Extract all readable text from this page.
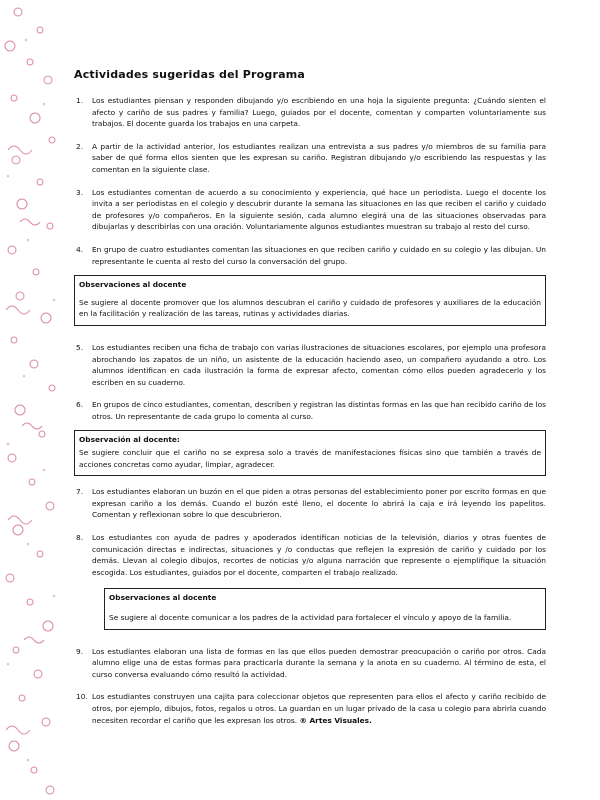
Actividades sugeridas del Programa
1.	Los estudiantes piensan y responden dibujando y/o escribiendo en una hoja la siguiente pregunta: ¿Cuándo sienten el afecto y cariño de sus padres y familia? Luego, guiados por el docente, comentan y comparten voluntariamente sus trabajos. El docente guarda los trabajos en una carpeta.
2.	A partir de la actividad anterior, los estudiantes realizan una entrevista a sus padres y/o miembros de su familia para saber de qué forma ellos sienten que les expresan su cariño. Registran dibujando y/o escribiendo las respuestas y las comentan en la siguiente clase.
3.	Los estudiantes comentan de acuerdo a su conocimiento y experiencia, qué hace un periodista. Luego el docente los invita a ser periodistas en el colegio y descubrir durante la semana las situaciones en las que reciben el cariño y cuidado de profesores y/o compañeros. En la siguiente sesión, cada alumno elegirá una de las situaciones observadas para dibujarlas y describirlas con una oración. Voluntariamente algunos estudiantes muestran su trabajo al resto del curso.
4.	En grupo de cuatro estudiantes comentan las situaciones en que reciben cariño y cuidado en su colegio y las dibujan. Un representante le cuenta al resto del curso la conversación del grupo.
Observaciones al docente
Se sugiere al docente promover que los alumnos descubran el cariño y cuidado de profesores y auxiliares de la educación en la facilitación y realización de las tareas, rutinas y actividades diarias.
5.	Los estudiantes reciben una ficha de trabajo con varias ilustraciones de situaciones escolares, por ejemplo una profesora abrochando los zapatos de un niño, un asistente de la educación haciendo aseo, un compañero ayudando a otro. Los alumnos identifican en cada ilustración la forma de expresar afecto, comentan cómo ellos pueden agradecerlo y los escriben en su cuaderno.
6.	En grupos de cinco estudiantes, comentan, describen y registran las distintas formas en las que han recibido cariño de los otros. Un representante de cada grupo lo comenta al curso.
Observación al docente:
Se sugiere concluir que el cariño no se expresa solo a través de manifestaciones físicas sino que también a través de acciones concretas como ayudar, limpiar, agradecer.
7.	Los estudiantes elaboran un buzón en el que piden a otras personas del establecimiento poner por escrito formas en que expresan cariño a los demás. Cuando el buzón esté lleno, el docente lo abrirá la caja e irá leyendo los papelitos. Comentan y reflexionan sobre lo que descubrieron.
8.	Los estudiantes con ayuda de padres y apoderados identifican noticias de la televisión, diarios y otras fuentes de comunicación directas e indirectas, situaciones y /o conductas que reflejen la expresión de cariño y cuidado por los demás. Llevan al colegio dibujos, recortes de noticias y/o alguna narración que represente o ejemplifique la situación escogida. Los estudiantes, guiados por el docente, comparten el trabajo realizado.
Observaciones al docente
Se sugiere al docente comunicar a los padres de la actividad para fortalecer el vínculo y apoyo de la familia.
9.	Los estudiantes elaboran una lista de formas en las que ellos pueden demostrar preocupación o cariño por otros. Cada alumno elige una de estas formas para practicarla durante la semana y la anota en su cuaderno. Al término de esta, el curso conversa evaluando cómo resultó la actividad.
10. Los estudiantes construyen una cajita para coleccionar objetos que representen para ellos el afecto y cariño recibido de otros, por ejemplo, dibujos, fotos, regalos u otros. La guardan en un lugar privado de la casa u colegio para abrirla cuando necesiten recordar el cariño que les expresan los otros. ® Artes Visuales.
